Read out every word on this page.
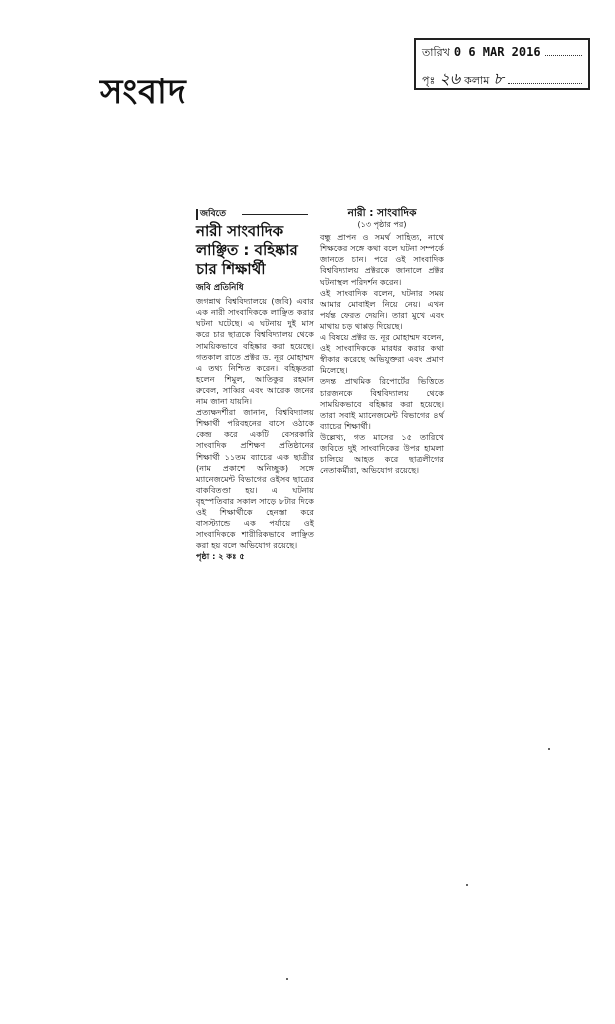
সংবাদ
তারিখ 0 6 MAR 2016
পৃঃ ২৬ কলাম ৮
জবিতে
নারী সাংবাদিক
লাঞ্ছিত : বহিষ্কার
চার শিক্ষার্থী
জবি প্রতিনিধি

জগন্নাথ বিশ্ববিদ্যালয়ে (জবি) এবার এক নারী সাংবাদিককে লাঞ্ছিত করার ঘটনা ঘটেছে। এ ঘটনায় দুই মাস করে চার ছাত্রকে বিশ্ববিদ্যালয় থেকে সাময়িকভাবে বহিষ্কার করা হয়েছে। গতকাল রাতে প্রক্টর ড. নূর মোহাম্মদ এ তথ্য নিশ্চিত করেন। বহিষ্কৃতরা হলেন শিমুল, আতিকুর রহমান রুবেল, সাব্বির এবং আরেক জনের নাম জানা যায়নি।

প্রত্যক্ষদর্শীরা জানান, বিশ্ববিদ্যালয় শিক্ষার্থী পরিবহনের বাসে ওঠাকে কেন্দ্র করে একটি বেসরকারি সাংবাদিক প্রশিক্ষণ প্রতিষ্ঠানের শিক্ষার্থী ১১তম ব্যাচের এক ছাত্রীর (নাম প্রকাশে অনিচ্ছুক) সঙ্গে ম্যানেজমেন্ট বিভাগের ওইসব ছাত্রের বাকবিতণ্ডা হয়। এ ঘটনায় বৃহস্পতিবার সকাল সাড়ে ৮টার দিকে ওই শিক্ষার্থীকে হেনস্তা করে বাসস্ট্যান্ডে এক পর্যায়ে ওই সাংবাদিককে শারীরিকভাবে লাঞ্ছিত করা হয় বলে অভিযোগ রয়েছে।

পৃষ্ঠা : ২ কঃ ৫

নারী : সাংবাদিক
(১৩ পৃষ্ঠার পর)

বন্ধু প্রাপন ও সমর্থ সাহিত্য, নাথে শিক্ষকের সঙ্গে কথা বলে ঘটনা সম্পর্কে জানতে চান। পরে ওই সাংবাদিক বিশ্ববিদ্যালয় প্রক্টরকে জানালে প্রক্টর ঘটনাস্থল পরিদর্শন করেন।

ওই সাংবাদিক বলেন, ঘটনার সময় আমার মোবাইল নিয়ে নেয়। এখন পর্যন্ত ফেরত দেয়নি। তারা মুখে এবং মাথায় চড় থাপ্পড় দিয়েছে।

এ বিষয়ে প্রক্টর ড. নূর মোহাম্মদ বলেন, ওই সাংবাদিককে মারধর করার কথা স্বীকার করেছে অভিযুক্তরা এবং প্রমাণ মিলেছে।

তদন্ত প্রাথমিক রিপোর্টের ভিত্তিতে চারজনকে বিশ্ববিদ্যালয় থেকে সাময়িকভাবে বহিষ্কার করা হয়েছে। তারা সবাই ম্যানেজমেন্ট বিভাগের ৪র্থ ব্যাচের শিক্ষার্থী।

উল্লেখ্য, গত মাসের ১৫ তারিখে জবিতে দুই সাংবাদিকের উপর হামলা চালিয়ে আহত করে ছাত্রলীগের নেতাকর্মীরা, অভিযোগ রয়েছে।
